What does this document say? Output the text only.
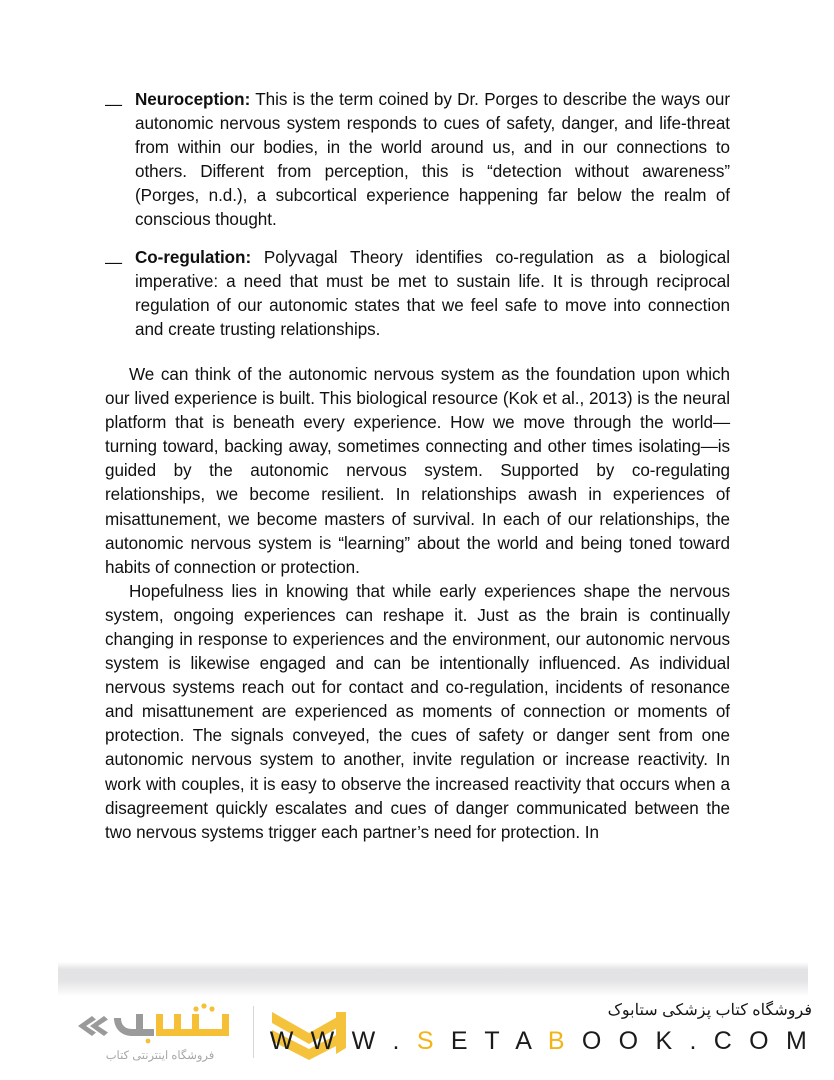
— Neuroception: This is the term coined by Dr. Porges to describe the ways our autonomic nervous system responds to cues of safety, danger, and life-threat from within our bodies, in the world around us, and in our connections to others. Different from perception, this is “detection without awareness” (Porges, n.d.), a subcortical experience happening far below the realm of conscious thought.
— Co-regulation: Polyvagal Theory identifies co-regulation as a biological imperative: a need that must be met to sustain life. It is through reciprocal regulation of our autonomic states that we feel safe to move into connection and create trusting relationships.

We can think of the autonomic nervous system as the foundation upon which our lived experience is built. This biological resource (Kok et al., 2013) is the neural platform that is beneath every experience. How we move through the world—turning toward, backing away, sometimes connecting and other times isolating—is guided by the autonomic nervous system. Supported by co-regulating relationships, we become resilient. In relationships awash in experiences of misattunement, we become masters of survival. In each of our relationships, the autonomic nervous system is “learning” about the world and being toned toward habits of connection or protection.

Hopefulness lies in knowing that while early experiences shape the nervous system, ongoing experiences can reshape it. Just as the brain is continually changing in response to experiences and the environment, our autonomic nervous system is likewise engaged and can be intentionally influenced. As individual nervous systems reach out for contact and co-regulation, incidents of resonance and misattunement are experienced as moments of connection or moments of protection. The signals conveyed, the cues of safety or danger sent from one autonomic nervous system to another, invite regulation or increase reactivity. In work with couples, it is easy to observe the increased reactivity that occurs when a disagreement quickly escalates and cues of danger communicated between the two nervous systems trigger each partner’s need for protection. In

فروشگاه اینترنتی کتاب
فروشگاه کتاب پزشکی ستابوک
W W W . S E T A B O O K . C O M
